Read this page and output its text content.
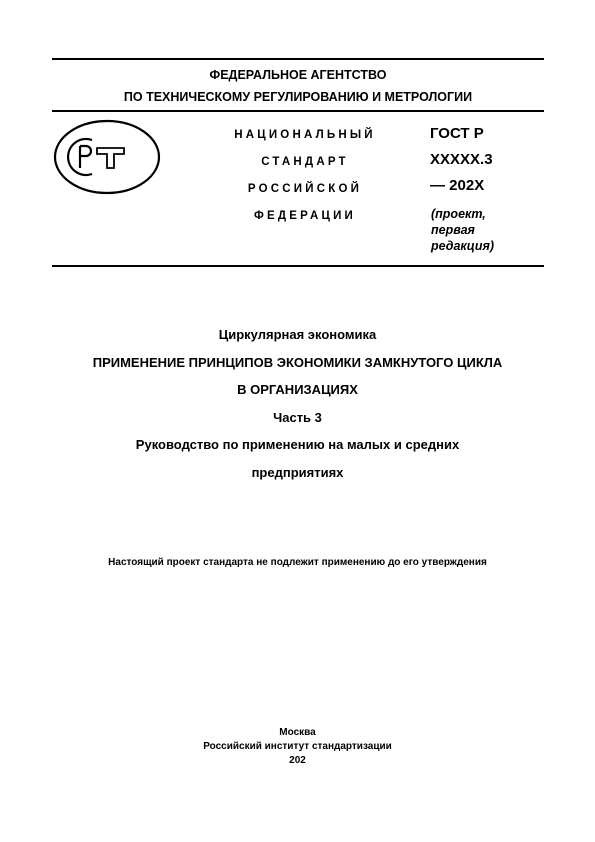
ФЕДЕРАЛЬНОЕ АГЕНТСТВО
ПО ТЕХНИЧЕСКОМУ РЕГУЛИРОВАНИЮ И МЕТРОЛОГИИ
НАЦИОНАЛЬНЫЙ
СТАНДАРТ
РОССИЙСКОЙ
ФЕДЕРАЦИИ
ГОСТ Р
XXXXX.3
— 202X
(проект,
первая
редакция)
Циркулярная экономика
ПРИМЕНЕНИЕ ПРИНЦИПОВ ЭКОНОМИКИ ЗАМКНУТОГО ЦИКЛА
В ОРГАНИЗАЦИЯХ
Часть 3
Руководство по применению на малых и средних
предприятиях
Настоящий проект стандарта не подлежит применению до его утверждения
Москва
Российский институт стандартизации
202
